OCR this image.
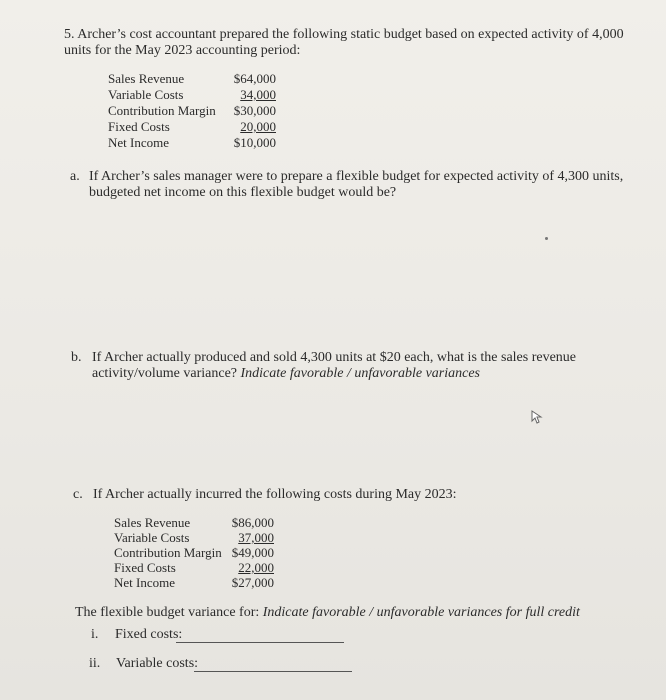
5. Archer’s cost accountant prepared the following static budget based on expected activity of 4,000
units for the May 2023 accounting period:
Sales Revenue	$64,000
Variable Costs	34,000
Contribution Margin	$30,000
Fixed Costs	20,000
Net Income	$10,000
a. If Archer’s sales manager were to prepare a flexible budget for expected activity of 4,300 units,
budgeted net income on this flexible budget would be?
b. If Archer actually produced and sold 4,300 units at $20 each, what is the sales revenue
activity/volume variance? Indicate favorable / unfavorable variances
c. If Archer actually incurred the following costs during May 2023:
Sales Revenue	$86,000
Variable Costs	37,000
Contribution Margin $49,000
Fixed Costs	22,000
Net Income	$27,000
The flexible budget variance for: Indicate favorable / unfavorable variances for full credit
i. Fixed costs:
ii. Variable costs:
